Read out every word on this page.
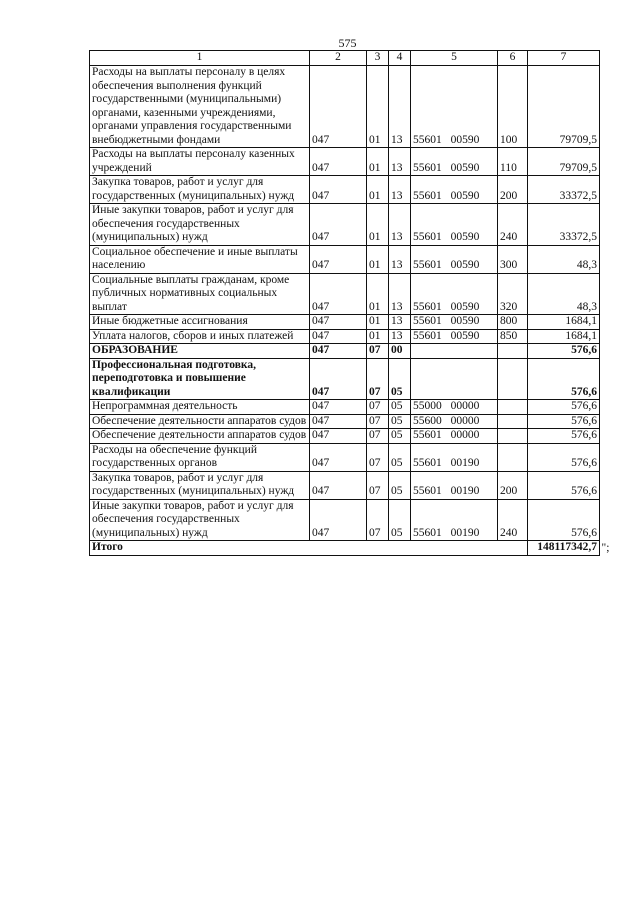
575
1	2	3	4	5	6	7
Расходы на выплаты персоналу в целях обеспечения выполнения функций государственными (муниципальными) органами, казенными учреждениями, органами управления государственными внебюджетными фондами	047	01	13	55601 00590	100	79709,5
Расходы на выплаты персоналу казенных учреждений	047	01	13	55601 00590	110	79709,5
Закупка товаров, работ и услуг для государственных (муниципальных) нужд	047	01	13	55601 00590	200	33372,5
Иные закупки товаров, работ и услуг для обеспечения государственных (муниципальных) нужд	047	01	13	55601 00590	240	33372,5
Социальное обеспечение и иные выплаты населению	047	01	13	55601 00590	300	48,3
Социальные выплаты гражданам, кроме публичных нормативных социальных выплат	047	01	13	55601 00590	320	48,3
Иные бюджетные ассигнования	047	01	13	55601 00590	800	1684,1
Уплата налогов, сборов и иных платежей	047	01	13	55601 00590	850	1684,1
ОБРАЗОВАНИЕ	047	07	00			576,6
Профессиональная подготовка, переподготовка и повышение квалификации	047	07	05			576,6
Непрограммная деятельность	047	07	05	55000 00000		576,6
Обеспечение деятельности аппаратов судов	047	07	05	55600 00000		576,6
Обеспечение деятельности аппаратов судов	047	07	05	55601 00000		576,6
Расходы на обеспечение функций государственных органов	047	07	05	55601 00190		576,6
Закупка товаров, работ и услуг для государственных (муниципальных) нужд	047	07	05	55601 00190	200	576,6
Иные закупки товаров, работ и услуг для обеспечения государственных (муниципальных) нужд	047	07	05	55601 00190	240	576,6
Итого						148117342,7 ";
